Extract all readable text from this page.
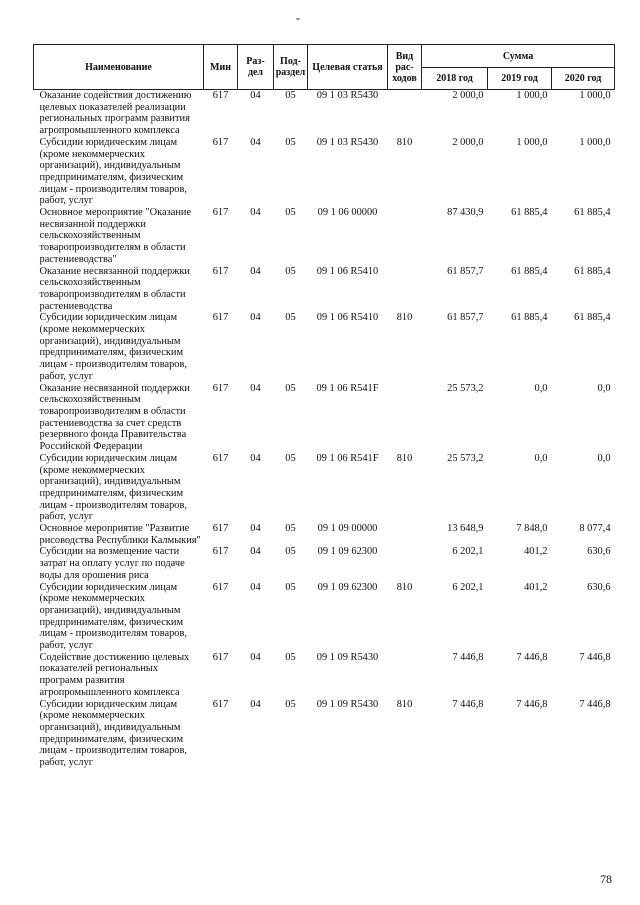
-
Наименование	Мин	Раз-дел	Под-раздел	Целевая статья	Вид рас-ходов	Сумма		
						2018 год	2019 год	2020 год
Оказание содействия достижению целевых показателей реализации региональных программ развития агропромышленного комплекса	617	04	05	09 1 03 R5430		2 000,0	1 000,0	1 000,0
Субсидии юридическим лицам (кроме некоммерческих организаций), индивидуальным предпринимателям, физическим лицам - производителям товаров, работ, услуг	617	04	05	09 1 03 R5430	810	2 000,0	1 000,0	1 000,0
Основное мероприятие "Оказание несвязанной поддержки сельскохозяйственным товаропроизводителям в области растениеводства"	617	04	05	09 1 06 00000		87 430,9	61 885,4	61 885,4
Оказание несвязанной поддержки сельскохозяйственным товаропроизводителям в области растениеводства	617	04	05	09 1 06 R5410		61 857,7	61 885,4	61 885,4
Субсидии юридическим лицам (кроме некоммерческих организаций), индивидуальным предпринимателям, физическим лицам - производителям товаров, работ, услуг	617	04	05	09 1 06 R5410	810	61 857,7	61 885,4	61 885,4
Оказание несвязанной поддержки сельскохозяйственным товаропроизводителям в области растениеводства за счет средств резервного фонда Правительства Российской Федерации	617	04	05	09 1 06 R541F		25 573,2	0,0	0,0
Субсидии юридическим лицам (кроме некоммерческих организаций), индивидуальным предпринимателям, физическим лицам - производителям товаров, работ, услуг	617	04	05	09 1 06 R541F	810	25 573,2	0,0	0,0
Основное мероприятие "Развитие рисоводства Республики Калмыкия"	617	04	05	09 1 09 00000		13 648,9	7 848,0	8 077,4
Субсидии на возмещение части затрат на оплату услуг по подаче воды для орошения риса	617	04	05	09 1 09 62300		6 202,1	401,2	630,6
Субсидии юридическим лицам (кроме некоммерческих организаций), индивидуальным предпринимателям, физическим лицам - производителям товаров, работ, услуг	617	04	05	09 1 09 62300	810	6 202,1	401,2	630,6
Содействие достижению целевых показателей региональных программ развития агропромышленного комплекса	617	04	05	09 1 09 R5430		7 446,8	7 446,8	7 446,8
Субсидии юридическим лицам (кроме некоммерческих организаций), индивидуальным предпринимателям, физическим лицам - производителям товаров, работ, услуг	617	04	05	09 1 09 R5430	810	7 446,8	7 446,8	7 446,8
78
